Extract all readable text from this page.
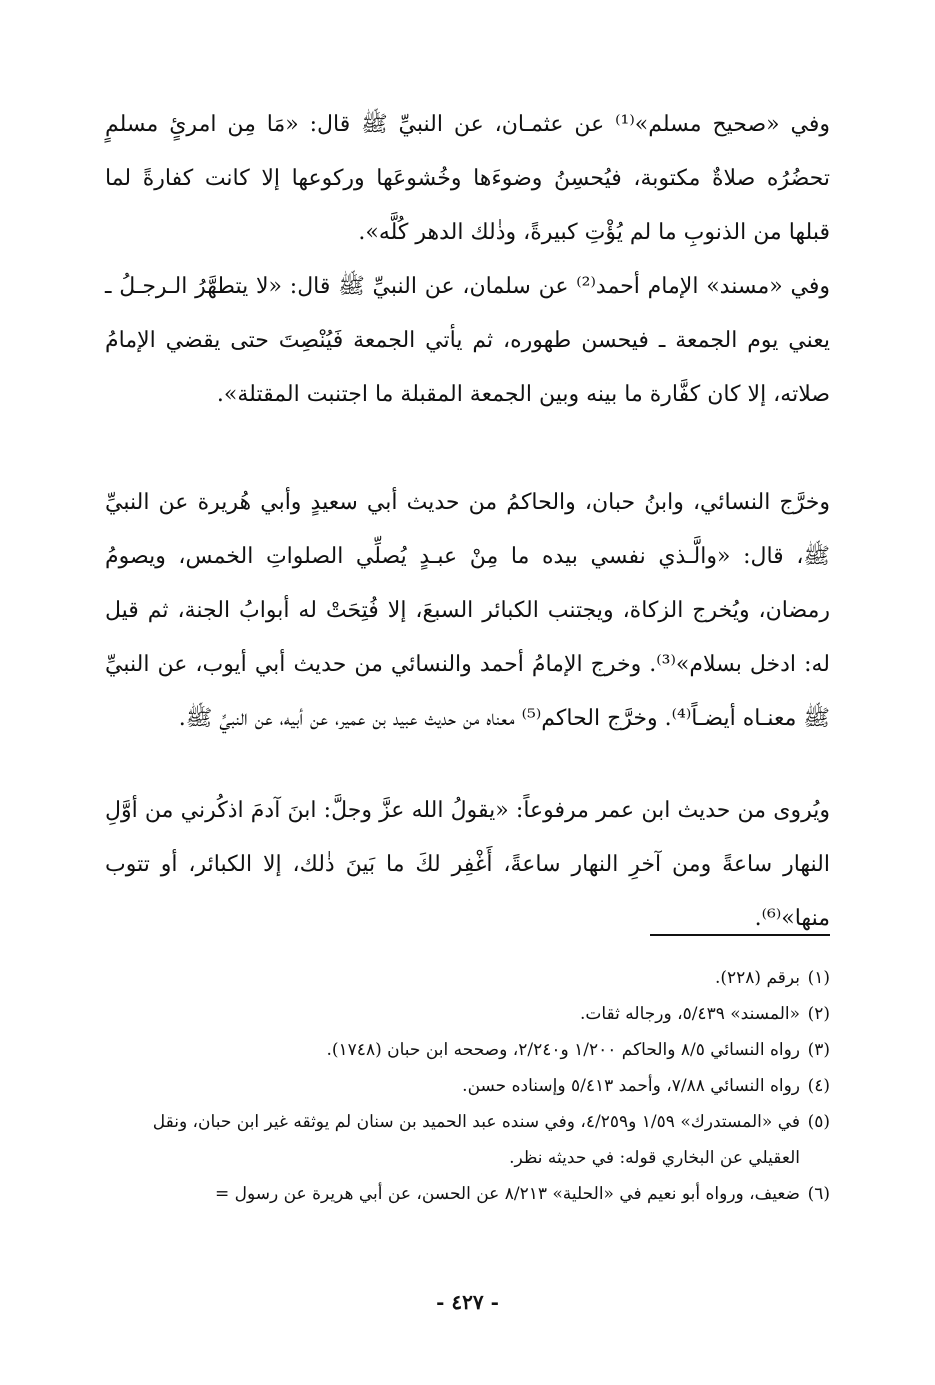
وفي «صحيح مسلم»⁽¹⁾ عن عثمـان، عن النبيِّ ﷺ قال: «مَا مِن امرئٍ مسلمٍ تحضُرُه صلاةٌ مكتوبة، فيُحسِنُ وضوءَها وخُشوعَها وركوعها إلا كانت كفارةً لما قبلها من الذنوبِ ما لم يُؤْتِ كبيرةً، وذٰلك الدهر كُلَّه».

وفي «مسند» الإمام أحمد⁽²⁾ عن سلمان، عن النبيِّ ﷺ قال: «لا يتطهَّرُ الـرجـلُ ـ يعني يوم الجمعة ـ فيحسن طهوره، ثم يأتي الجمعة فَيُنْصِتَ حتى يقضي الإمامُ صلاته، إلا كان كفَّارة ما بينه وبين الجمعة المقبلة ما اجتنبت المقتلة».

وخرَّج النسائي، وابنُ حبان، والحاكمُ من حديث أبي سعيدٍ وأبي هُريرة عن النبيِّ ﷺ، قال: «والَّـذي نفسي بيده ما مِنْ عبـدٍ يُصلِّي الصلواتِ الخمس، ويصومُ رمضان، ويُخرج الزكاة، ويجتنب الكبائر السبعَ، إلا فُتِحَتْ له أبوابُ الجنة، ثم قيل له: ادخل بسلام»⁽³⁾. وخرج الإمامُ أحمد والنسائي من حديث أبي أيوب، عن النبيِّ ﷺ معنـاه أيضـاً⁽⁴⁾. وخرَّج الحاكم⁽⁵⁾ معناه من حديث عبيد بن عمير، عن أبيه، عن النبيِّ ﷺ.

ويُروى من حديث ابن عمر مرفوعاً: «يقولُ الله عزَّ وجلَّ: ابنَ آدمَ اذكُرني من أوَّلِ النهار ساعةً ومن آخرِ النهار ساعةً، أَغْفِر لكَ ما بَينَ ذٰلك، إلا الكبائر، أو تتوب منها»⁽⁶⁾.

(١)برقم (٢٢٨).
(٢)«المسند» ٥/٤٣٩، ورجاله ثقات.
(٣)رواه النسائي ٨/٥ والحاكم ١/٢٠٠ و٢/٢٤٠، وصححه ابن حبان (١٧٤٨).
(٤)رواه النسائي ٧/٨٨، وأحمد ٥/٤١٣ وإسناده حسن.
(٥)في «المستدرك» ١/٥٩ و٤/٢٥٩، وفي سنده عبد الحميد بن سنان لم يوثقه غير ابن حبان، ونقل العقيلي عن البخاري قوله: في حديثه نظر.
(٦)ضعيف، ورواه أبو نعيم في «الحلية» ٨/٢١٣ عن الحسن، عن أبي هريرة عن رسول =
- ٤٢٧ -
